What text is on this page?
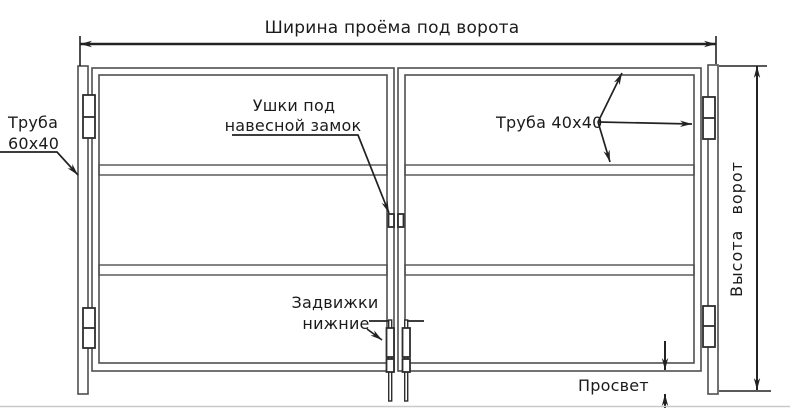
Ширина проёма под ворота
Труба
60x40
Ушки под
навесной замок	Труба 40x40
Высота ворот
Задвижки
нижние
Просвет
